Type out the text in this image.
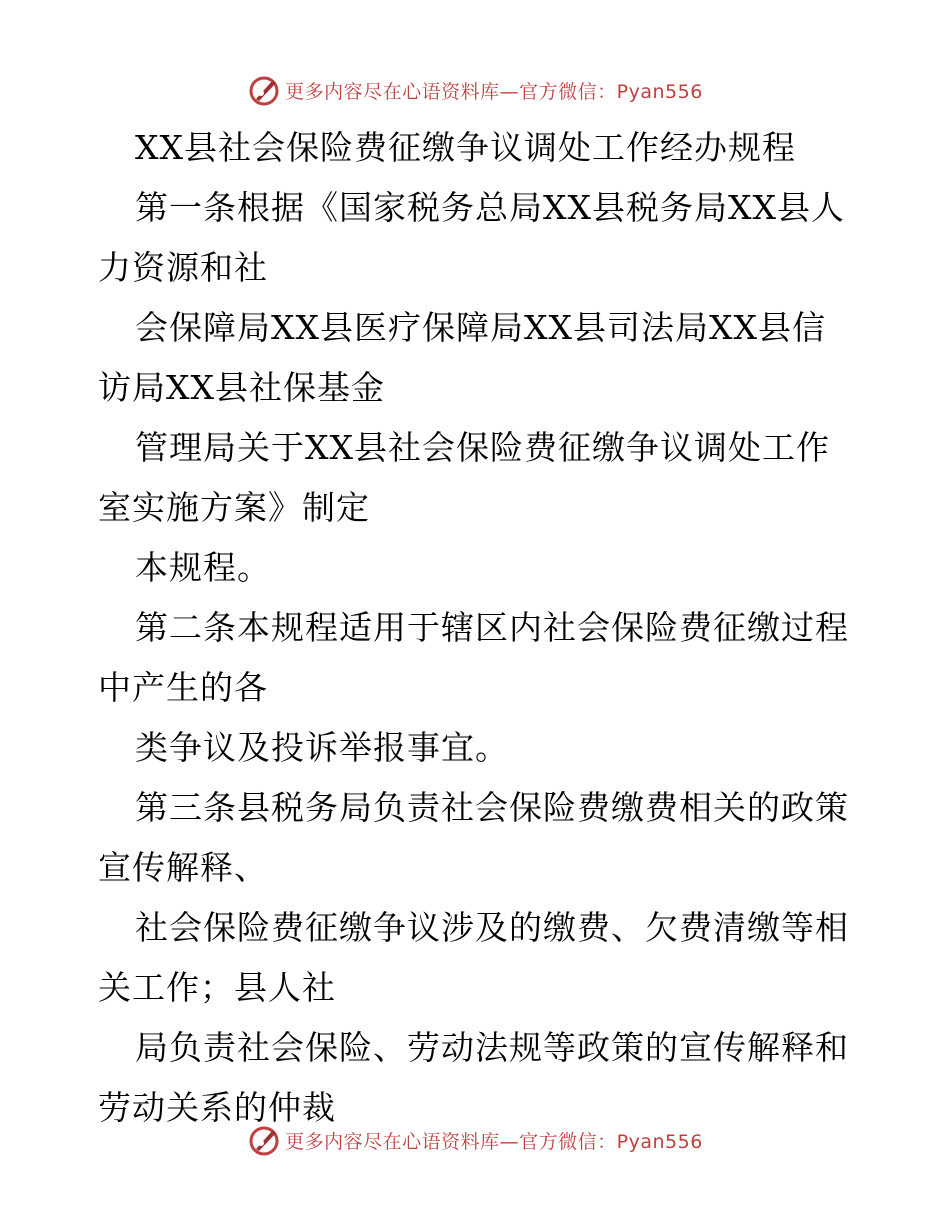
更多内容尽在心语资料库—官方微信：Pyan556
XX县社会保险费征缴争议调处工作经办规程
第一条根据《国家税务总局XX县税务局XX县人
力资源和社
会保障局XX县医疗保障局XX县司法局XX县信
访局XX县社保基金
管理局关于XX县社会保险费征缴争议调处工作
室实施方案》制定
本规程。
第二条本规程适用于辖区内社会保险费征缴过程
中产生的各
类争议及投诉举报事宜。
第三条县税务局负责社会保险费缴费相关的政策
宣传解释、
社会保险费征缴争议涉及的缴费、欠费清缴等相
关工作；县人社
局负责社会保险、劳动法规等政策的宣传解释和
劳动关系的仲裁
更多内容尽在心语资料库—官方微信：Pyan556
